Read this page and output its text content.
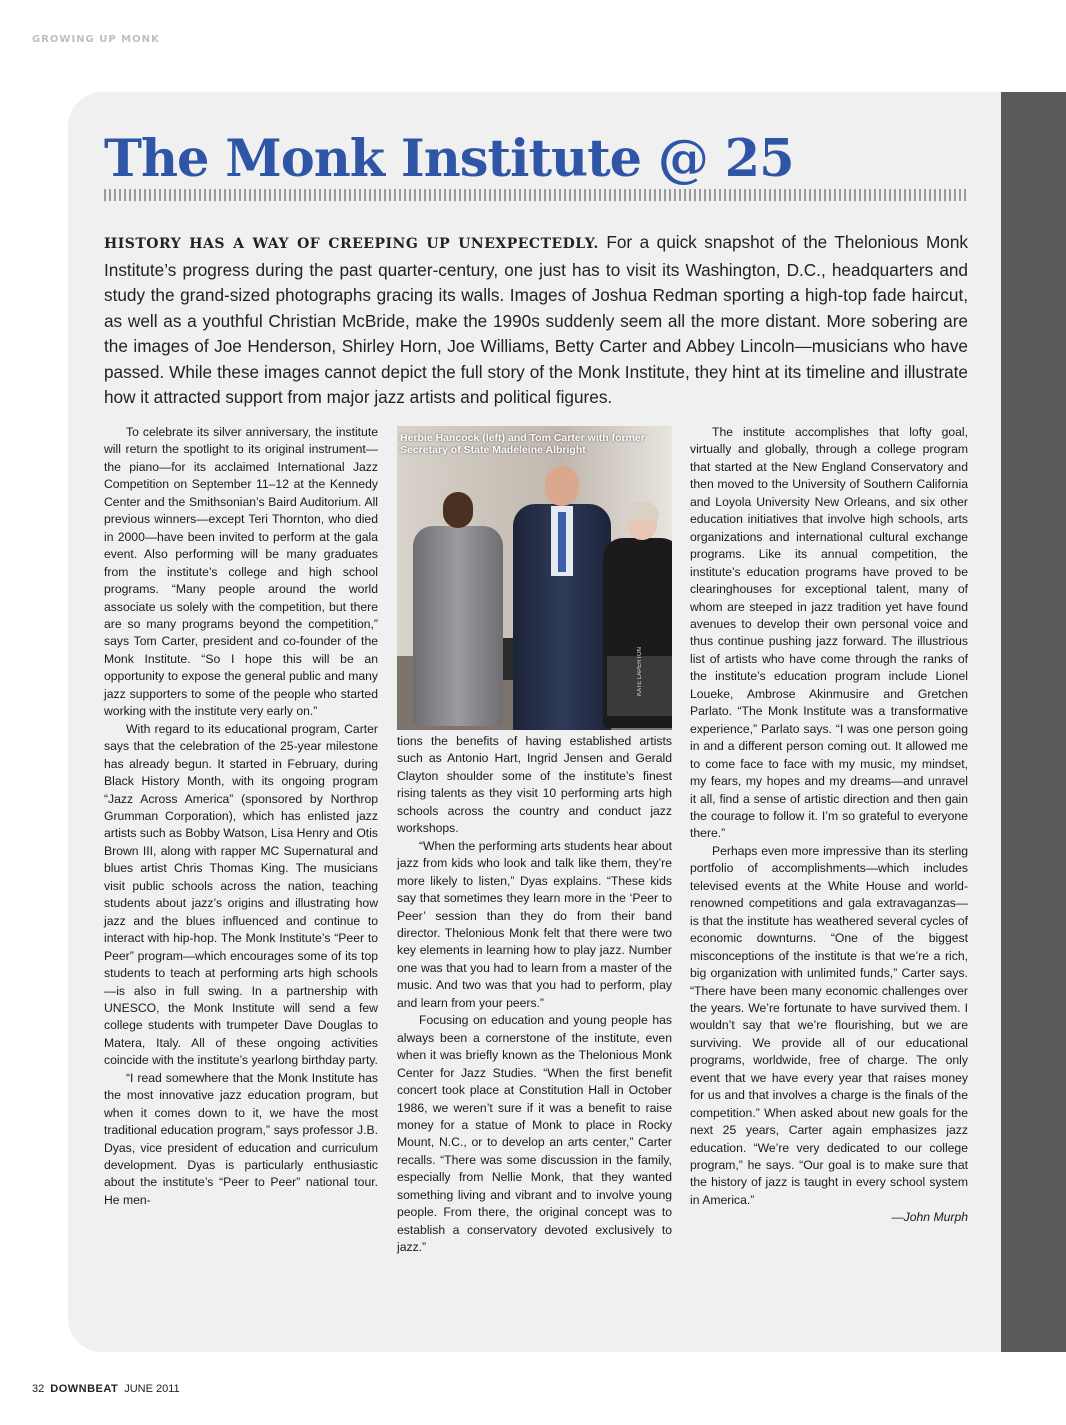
GROWING UP MONK
The Monk Institute @ 25

HISTORY HAS A WAY OF CREEPING UP UNEXPECTEDLY. For a quick snapshot of the Thelonious Monk Institute’s progress during the past quarter-century, one just has to visit its Washington, D.C., headquarters and study the grand-sized photographs gracing its walls. Images of Joshua Redman sporting a high-top fade haircut, as well as a youthful Christian McBride, make the 1990s suddenly seem all the more distant. More sobering are the images of Joe Henderson, Shirley Horn, Joe Williams, Betty Carter and Abbey Lincoln—musicians who have passed. While these images cannot depict the full story of the Monk Institute, they hint at its timeline and illustrate how it attracted support from major jazz artists and political figures.

To celebrate its silver anniversary, the institute will return the spotlight to its original instrument—the piano—for its acclaimed International Jazz Competition on September 11–12 at the Kennedy Center and the Smithsonian’s Baird Auditorium. All previous winners—except Teri Thornton, who died in 2000—have been invited to perform at the gala event. Also performing will be many graduates from the institute’s college and high school programs. “Many people around the world associate us solely with the competition, but there are so many programs beyond the competition,” says Tom Carter, president and co-founder of the Monk Institute. “So I hope this will be an opportunity to expose the general public and many jazz supporters to some of the people who started working with the institute very early on.”

With regard to its educational program, Carter says that the celebration of the 25-year milestone has already begun. It started in February, during Black History Month, with its ongoing program “Jazz Across America” (sponsored by Northrop Grumman Corporation), which has enlisted jazz artists such as Bobby Watson, Lisa Henry and Otis Brown III, along with rapper MC Supernatural and blues artist Chris Thomas King. The musicians visit public schools across the nation, teaching students about jazz’s origins and illustrating how jazz and the blues influenced and continue to interact with hip-hop. The Monk Institute’s “Peer to Peer” program—which encourages some of its top students to teach at performing arts high schools—is also in full swing. In a partnership with UNESCO, the Monk Institute will send a few college students with trumpeter Dave Douglas to Matera, Italy. All of these ongoing activities coincide with the institute’s yearlong birthday party.

“I read somewhere that the Monk Institute has the most innovative jazz education program, but when it comes down to it, we have the most traditional education program,” says professor J.B. Dyas, vice president of education and curriculum development. Dyas is particularly enthusiastic about the institute’s “Peer to Peer” national tour. He men-

Herbie Hancock (left) and Tom Carter with former Secretary of State Madeleine Albright
KATE LAPERTON

tions the benefits of having established artists such as Antonio Hart, Ingrid Jensen and Gerald Clayton shoulder some of the institute’s finest rising talents as they visit 10 performing arts high schools across the country and conduct jazz workshops.

“When the performing arts students hear about jazz from kids who look and talk like them, they’re more likely to listen,” Dyas explains. “These kids say that sometimes they learn more in the ‘Peer to Peer’ session than they do from their band director. Thelonious Monk felt that there were two key elements in learning how to play jazz. Number one was that you had to learn from a master of the music. And two was that you had to perform, play and learn from your peers.”

Focusing on education and young people has always been a cornerstone of the institute, even when it was briefly known as the Thelonious Monk Center for Jazz Studies. “When the first benefit concert took place at Constitution Hall in October 1986, we weren’t sure if it was a benefit to raise money for a statue of Monk to place in Rocky Mount, N.C., or to develop an arts center,” Carter recalls. “There was some discussion in the family, especially from Nellie Monk, that they wanted something living and vibrant and to involve young people. From there, the original concept was to establish a conservatory devoted exclusively to jazz.”

The institute accomplishes that lofty goal, virtually and globally, through a college program that started at the New England Conservatory and then moved to the University of Southern California and Loyola University New Orleans, and six other education initiatives that involve high schools, arts organizations and international cultural exchange programs. Like its annual competition, the institute’s education programs have proved to be clearinghouses for exceptional talent, many of whom are steeped in jazz tradition yet have found avenues to develop their own personal voice and thus continue pushing jazz forward. The illustrious list of artists who have come through the ranks of the institute’s education program include Lionel Loueke, Ambrose Akinmusire and Gretchen Parlato. “The Monk Institute was a transformative experience,” Parlato says. “I was one person going in and a different person coming out. It allowed me to come face to face with my music, my mindset, my fears, my hopes and my dreams—and unravel it all, find a sense of artistic direction and then gain the courage to follow it. I’m so grateful to everyone there.”

Perhaps even more impressive than its sterling portfolio of accomplishments—which includes televised events at the White House and world-renowned competitions and gala extravaganzas—is that the institute has weathered several cycles of economic downturns. “One of the biggest misconceptions of the institute is that we’re a rich, big organization with unlimited funds,” Carter says. “There have been many economic challenges over the years. We’re fortunate to have survived them. I wouldn’t say that we’re flourishing, but we are surviving. We provide all of our educational programs, worldwide, free of charge. The only event that we have every year that raises money for us and that involves a charge is the finals of the competition.” When asked about new goals for the next 25 years, Carter again emphasizes jazz education. “We’re very dedicated to our college program,” he says. “Our goal is to make sure that the history of jazz is taught in every school system in America.”

—John Murph

32 DOWNBEAT JUNE 2011
